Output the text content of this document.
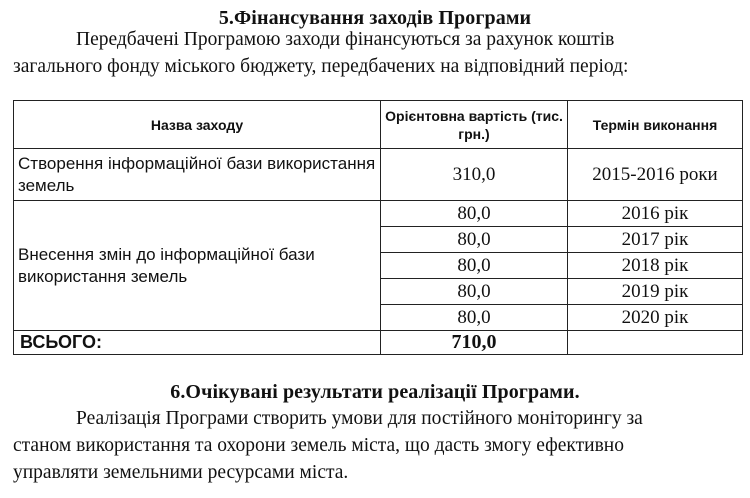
5.Фінансування заходів Програми

Передбачені Програмою заходи фінансуються за рахунок коштів

загального фонду міського бюджету, передбачених на відповідний період:

Назва заходу	Орієнтовна вартість (тис. грн.)	Термін виконання
Створення інформаційної бази використання земель	310,0	2015-2016 роки
Внесення змін до інформаційної бази використання земель	80,0	2016 рік
	80,0	2017 рік
	80,0	2018 рік
	80,0	2019 рік
	80,0	2020 рік
ВСЬОГО:	710,0	
6.Очікувані результати реалізації Програми.

Реалізація Програми створить умови для постійного моніторингу за

станом використання та охорони земель міста, що дасть змогу ефективно

управляти земельними ресурсами міста.
